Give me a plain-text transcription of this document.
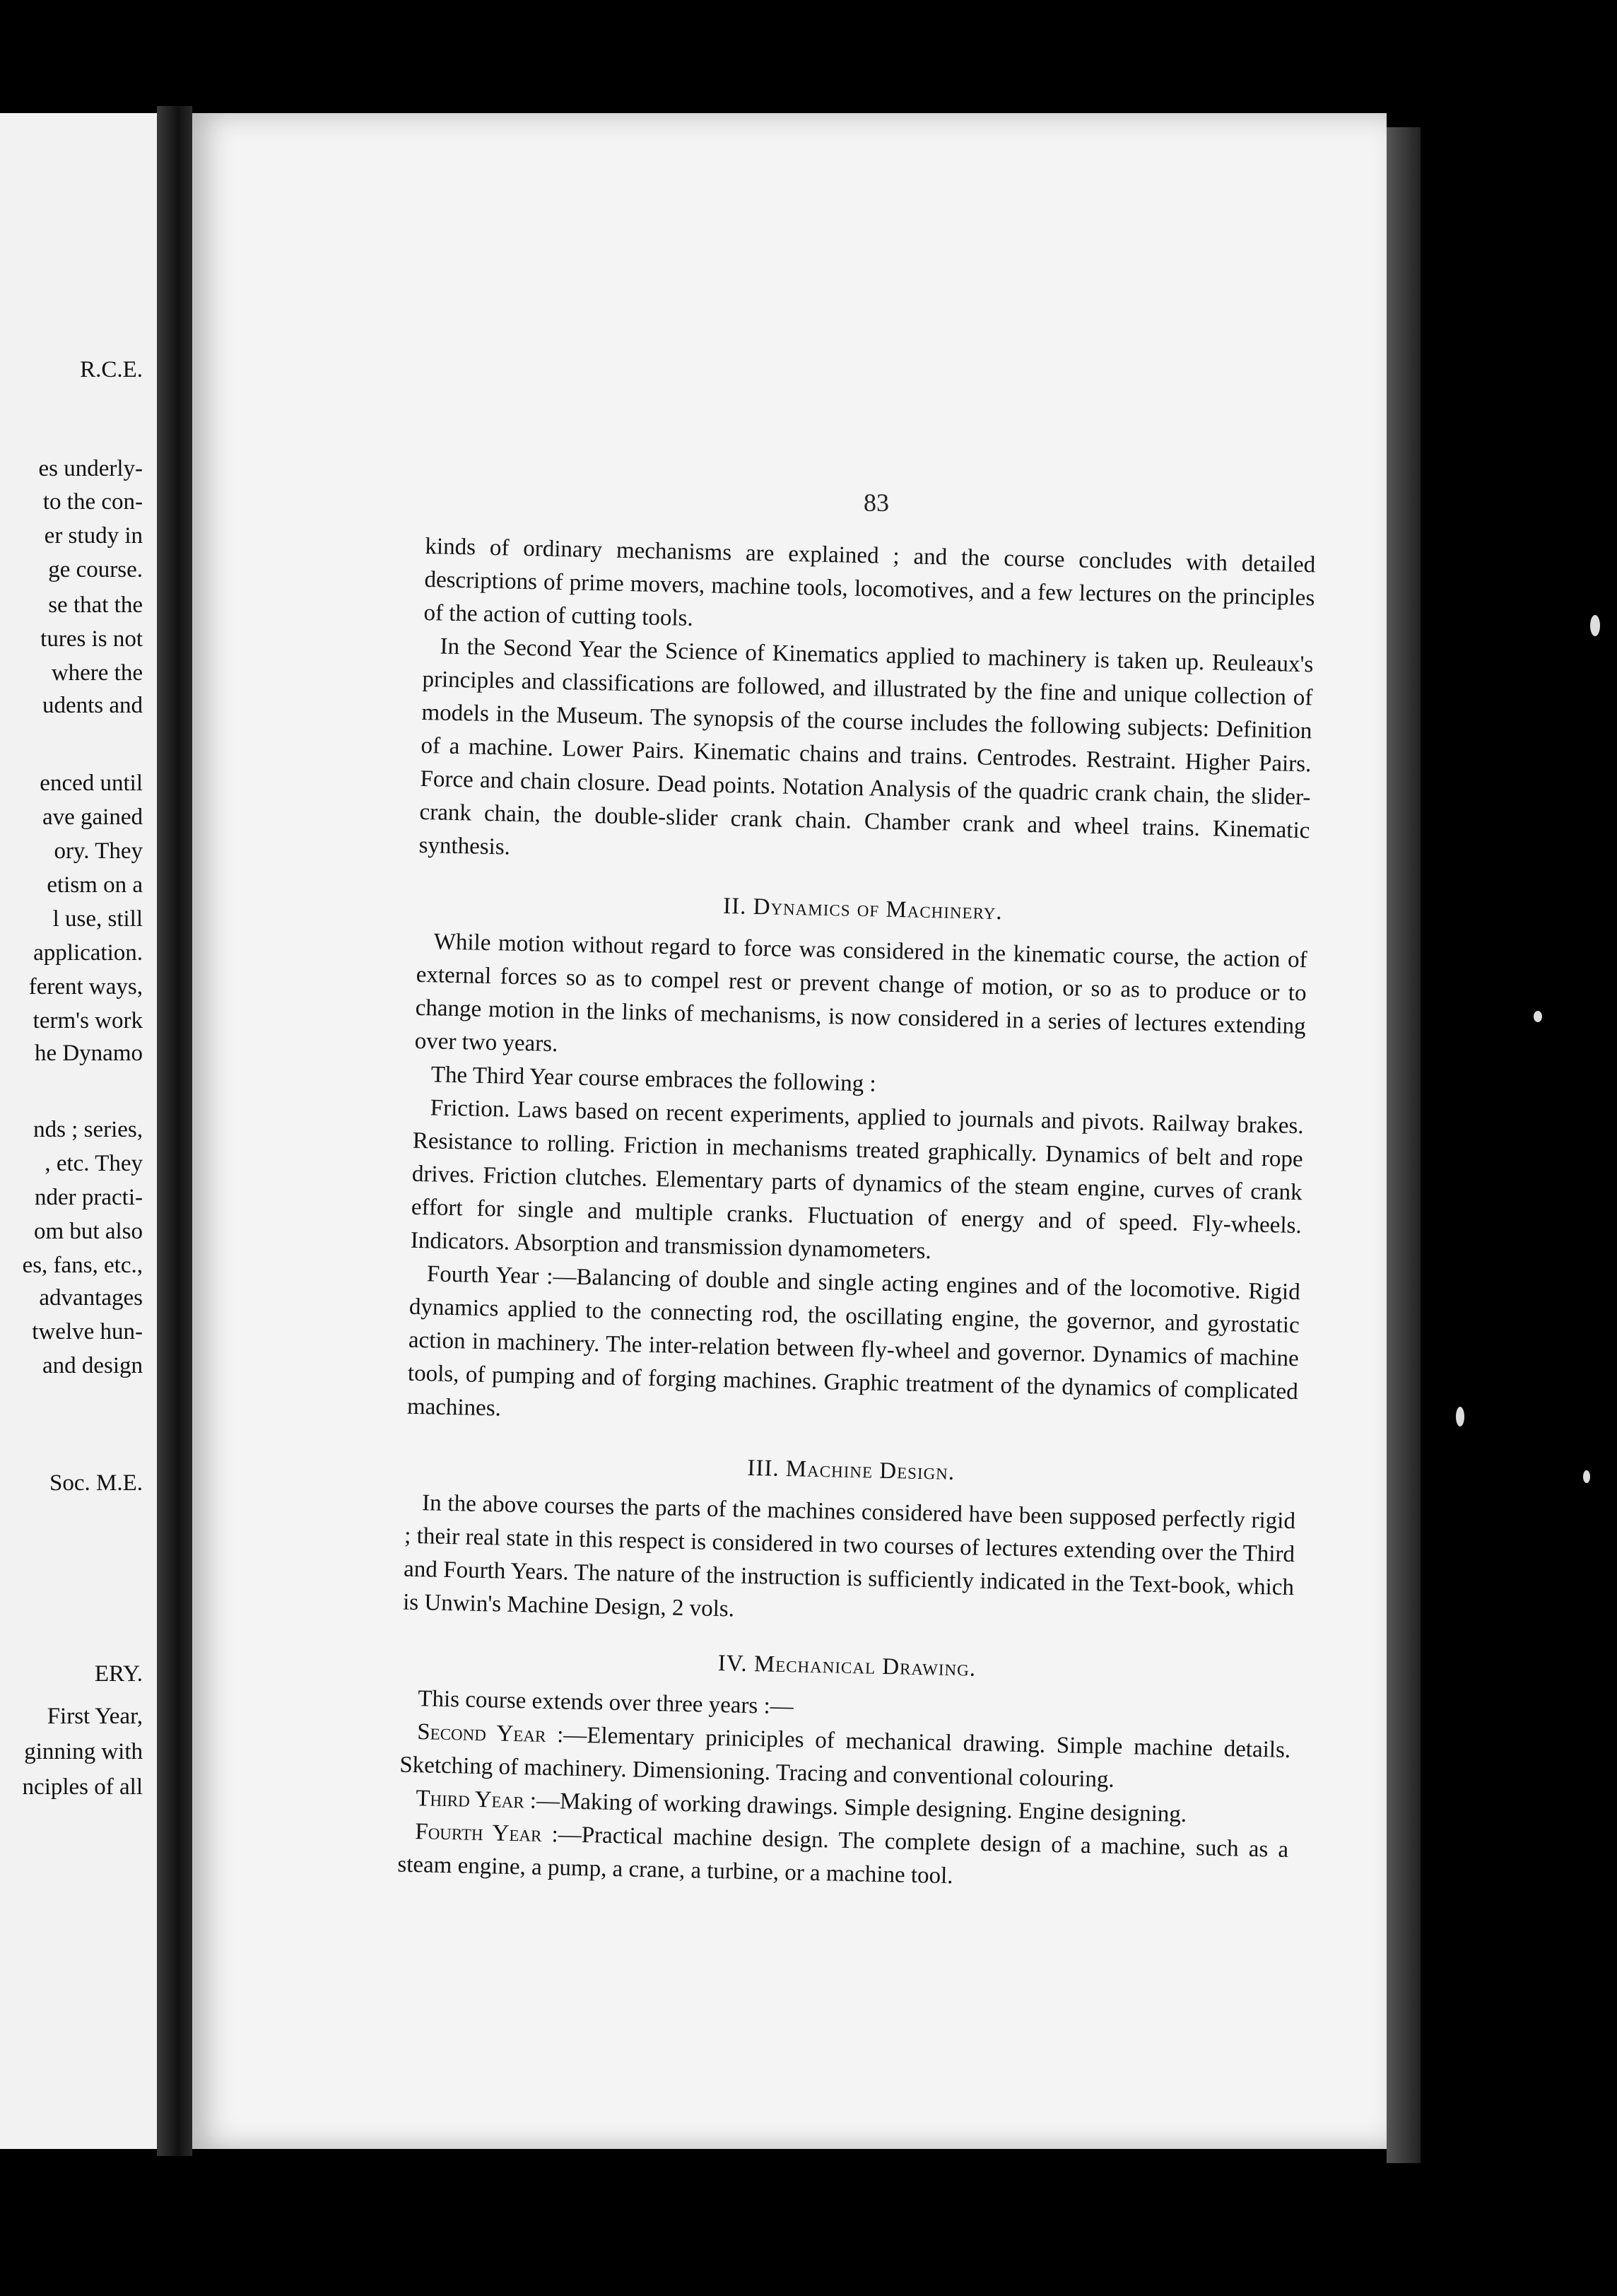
R.C.E.
es underly-
to the con-
er study in
ge course.
se that the
tures is not
where the
udents and
enced until
ave gained
ory. They
etism on a
l use, still
application.
ferent ways,
term's work
he Dynamo
nds ; series,
, etc. They
nder practi-
om but also
es, fans, etc.,
advantages
twelve hun-
and design
Soc. M.E.
ERY.
First Year,
ginning with
nciples of all
83

kinds of ordinary mechanisms are explained ; and the course concludes with detailed descriptions of prime movers, machine tools, locomotives, and a few lectures on the principles of the action of cutting tools.

In the Second Year the Science of Kinematics applied to machinery is taken up. Reuleaux's principles and classifications are followed, and illustrated by the fine and unique collection of models in the Museum. The synopsis of the course includes the following subjects: Definition of a machine. Lower Pairs. Kinematic chains and trains. Centrodes. Restraint. Higher Pairs. Force and chain closure. Dead points. Notation Analysis of the quadric crank chain, the slider-crank chain, the double-slider crank chain. Chamber crank and wheel trains. Kinematic synthesis.

II. Dynamics of Machinery.

While motion without regard to force was considered in the kinematic course, the action of external forces so as to compel rest or prevent change of motion, or so as to produce or to change motion in the links of mechanisms, is now considered in a series of lectures extending over two years.

The Third Year course embraces the following :

Friction. Laws based on recent experiments, applied to journals and pivots. Railway brakes. Resistance to rolling. Friction in mechanisms treated graphically. Dynamics of belt and rope drives. Friction clutches. Elementary parts of dynamics of the steam engine, curves of crank effort for single and multiple cranks. Fluctuation of energy and of speed. Fly-wheels. Indicators. Absorption and transmission dynamometers.

Fourth Year :—Balancing of double and single acting engines and of the locomotive. Rigid dynamics applied to the connecting rod, the oscillating engine, the governor, and gyrostatic action in machinery. The inter-relation between fly-wheel and governor. Dynamics of machine tools, of pumping and of forging machines. Graphic treatment of the dynamics of complicated machines.

III. Machine Design.

In the above courses the parts of the machines considered have been supposed perfectly rigid ; their real state in this respect is considered in two courses of lectures extending over the Third and Fourth Years. The nature of the instruction is sufficiently indicated in the Text-book, which is Unwin's Machine Design, 2 vols.

IV. Mechanical Drawing.

This course extends over three years :—

Second Year :—Elementary priniciples of mechanical drawing. Simple machine details. Sketching of machinery. Dimensioning. Tracing and conventional colouring.

Third Year :—Making of working drawings. Simple designing. Engine designing.

Fourth Year :—Practical machine design. The complete design of a machine, such as a steam engine, a pump, a crane, a turbine, or a machine tool.
